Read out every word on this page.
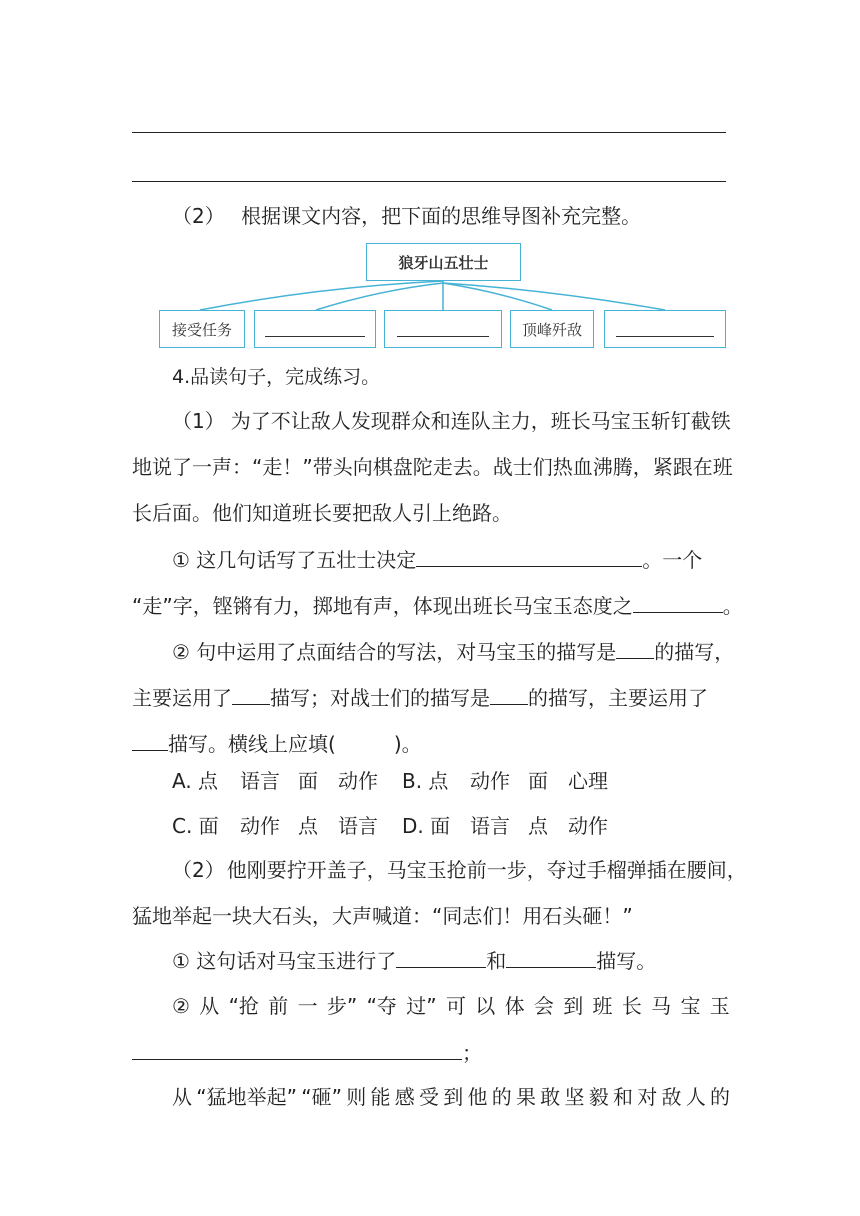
（2） 根据课文内容，把下面的思维导图补充完整。
狼牙山五壮士
接受任务	顶峰歼敌
4.品读句子，完成练习。
（1） 为了不让敌人发现群众和连队主力，班长马宝玉斩钉截铁
地说了一声：“走！”带头向棋盘陀走去。战士们热血沸腾，紧跟在班
长后面。他们知道班长要把敌人引上绝路。
① 这几句话写了五壮士决定	。一个
“走”字，铿锵有力，掷地有声，体现出班长马宝玉态度之	。
② 句中运用了点面结合的写法，对马宝玉的描写是 的描写，
主要运用了 描写；对战士们的描写是 的描写，主要运用了
描写。横线上应填(	)。
A. 点 语言 面 动作	B. 点 动作 面 心理
C. 面 动作 点 语言	D. 面 语言 点 动作
（2） 他刚要拧开盖子，马宝玉抢前一步，夺过手榴弹插在腰间，
猛地举起一块大石头，大声喊道：“同志们！用石头砸！”
① 这句话对马宝玉进行了	和	描写。
② 从 “抢 前 一 步” “夺 过” 可 以 体 会 到 班 长 马 宝 玉
；
从 “猛地举起” “砸” 则 能 感 受 到 他 的 果 敢 坚 毅 和 对 敌 人 的
